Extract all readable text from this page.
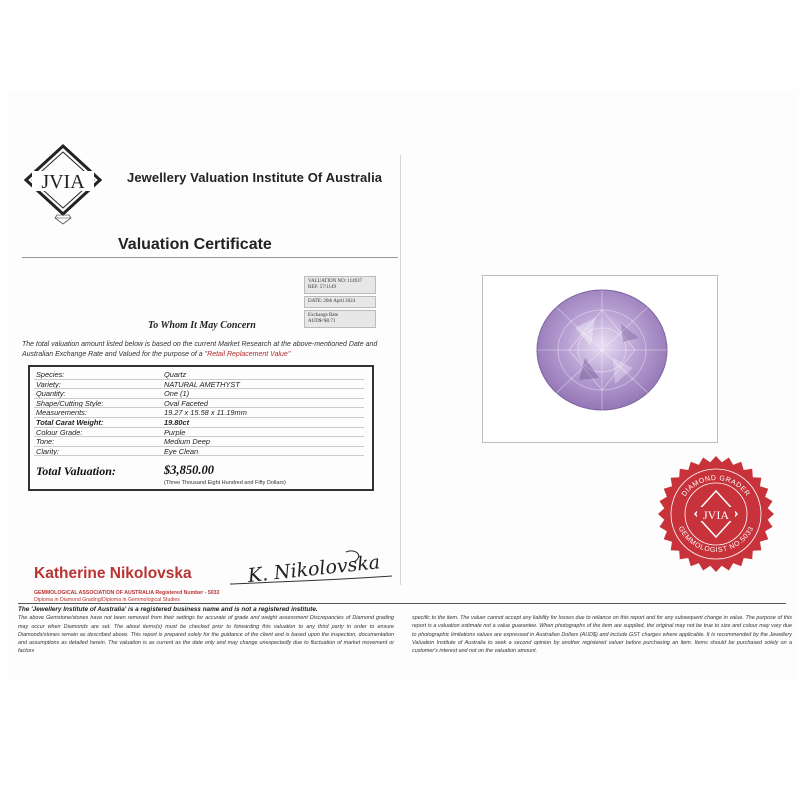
JVIA	Jewellery Valuation Institute Of Australia
Valuation Certificate
VALUATION NO: 114937
REF: 57/1149
DATE: 20th April 2024
Exchange Rate
AUD$=$0.71
To Whom It May Concern
The total valuation amount listed below is based on the current Market Research at the above-mentioned Date and Australian Exchange Rate and Valued for the purpose of a "Retail Replacement Value"
Species:	Quartz
Variety:	NATURAL AMETHYST
Quantity:	One (1)
Shape/Cutting Style:	Oval Faceted
Measurements:	19.27 x 15.58 x 11.19mm
Total Carat Weight:	19.80ct
Colour Grade:	Purple
Tone:	Medium Deep
Clarity:	Eye Clean
Total Valuation:	$3,850.00
(Three Thousand Eight Hundred and Fifty Dollars)
Katherine Nikolovska	K. Nikolovska
GEMMOLOGICAL ASSOCIATION OF AUSTRALIA Registered Number - 5033
Diploma in Diamond Grading/Diploma in Gemmological Studies
DIAMOND GRADER
GEMMOLOGIST NO.5033
JVIA
The 'Jewellery Institute of Australia' is a registered business name and is not a registered institute.
The above Gemstone/stones have not been removed from their settings for accurate of grade and weight assessment Discrepancies of Diamond grading may occur when Diamonds are set. The about items(s) must be checked prior to forwarding this valuation to any third party in order to ensure Diamonds/stones remain as described above. This report is prepared solely for the guidance of the client and is based upon the inspection, documentation and assumptions as detailed herein. The valuation is as current as the date only and may change unexpectedly due to fluctuation of market movement or factors
specific to the item. The valuer cannot accept any liability for losses due to reliance on this report and for any subsequent change in value. The purpose of this report is a valuation estimate not a value guarantee. When photographs of the item are supplied, the original may not be true to size and colour may vary due to photographic limitations values are expressed in Australian Dollars (AUD$) and include GST charges where applicable. It is recommended by the Jewellery Valuation Institute of Australia to seek a second opinion by another registered valuer before purchasing an item. Items should be purchased solely on a customer's interest and not on the valuation amount.
